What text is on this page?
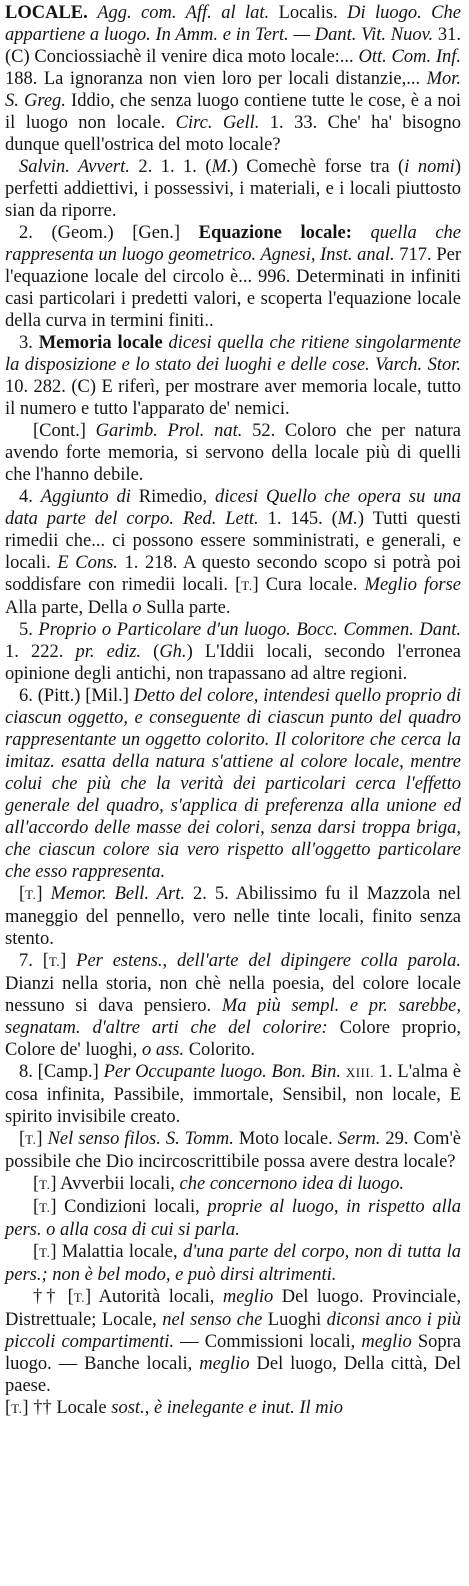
LOCALE. Agg. com. Aff. al lat. Localis. Di luogo. Che appartiene a luogo. In Amm. e in Tert. — Dant. Vit. Nuov. 31. (C) Conciossiachè il venire dica moto locale:... Ott. Com. Inf. 188. La ignoranza non vien loro per locali distanzie,... Mor. S. Greg. Iddio, che senza luogo contiene tutte le cose, è a noi il luogo non locale. Circ. Gell. 1. 33. Che' ha' bisogno dunque quell'ostrica del moto locale?

Salvin. Avvert. 2. 1. 1. (M.) Comechè forse tra (i nomi) perfetti addiettivi, i possessivi, i materiali, e i locali piuttosto sian da riporre.

2. (Geom.) [Gen.] Equazione locale: quella che rappresenta un luogo geometrico. Agnesi, Inst. anal. 717. Per l'equazione locale del circolo è... 996. Determinati in infiniti casi particolari i predetti valori, e scoperta l'equazione locale della curva in termini finiti..

3. Memoria locale dicesi quella che ritiene singolarmente la disposizione e lo stato dei luoghi e delle cose. Varch. Stor. 10. 282. (C) E riferì, per mostrare aver memoria locale, tutto il numero e tutto l'apparato de' nemici.

[Cont.] Garimb. Prol. nat. 52. Coloro che per natura avendo forte memoria, si servono della locale più di quelli che l'hanno debile.

4. Aggiunto di Rimedio, dicesi Quello che opera su una data parte del corpo. Red. Lett. 1. 145. (M.) Tutti questi rimedii che... ci possono essere somministrati, e generali, e locali. E Cons. 1. 218. A questo secondo scopo si potrà poi soddisfare con rimedii locali. [T.] Cura locale. Meglio forse Alla parte, Della o Sulla parte.

5. Proprio o Particolare d'un luogo. Bocc. Commen. Dant. 1. 222. pr. ediz. (Gh.) L'Iddii locali, secondo l'erronea opinione degli antichi, non trapassano ad altre regioni.

6. (Pitt.) [Mil.] Detto del colore, intendesi quello proprio di ciascun oggetto, e conseguente di ciascun punto del quadro rappresentante un oggetto colorito. Il coloritore che cerca la imitaz. esatta della natura s'attiene al colore locale, mentre colui che più che la verità dei particolari cerca l'effetto generale del quadro, s'applica di preferenza alla unione ed all'accordo delle masse dei colori, senza darsi troppa briga, che ciascun colore sia vero rispetto all'oggetto particolare che esso rappresenta.

[T.] Memor. Bell. Art. 2. 5. Abilissimo fu il Mazzola nel maneggio del pennello, vero nelle tinte locali, finito senza stento.

7. [T.] Per estens., dell'arte del dipingere colla parola. Dianzi nella storia, non chè nella poesia, del colore locale nessuno si dava pensiero. Ma più sempl. e pr. sarebbe, segnatam. d'altre arti che del colorire: Colore proprio, Colore de' luoghi, o ass. Colorito.

8. [Camp.] Per Occupante luogo. Bon. Bin. XIII. 1. L'alma è cosa infinita, Passibile, immortale, Sensibil, non locale, E spirito invisibile creato.

[T.] Nel senso filos. S. Tomm. Moto locale. Serm. 29. Com'è possibile che Dio incircoscrittibile possa avere destra locale?

[T.] Avverbii locali, che concernono idea di luogo.

[T.] Condizioni locali, proprie al luogo, in rispetto alla pers. o alla cosa di cui si parla.

[T.] Malattia locale, d'una parte del corpo, non di tutta la pers.; non è bel modo, e può dirsi altrimenti.

†† [T.] Autorità locali, meglio Del luogo. Provinciale, Distrettuale; Locale, nel senso che Luoghi diconsi anco i più piccoli compartimenti. — Commissioni locali, meglio Sopra luogo. — Banche locali, meglio Del luogo, Della città, Del paese.

[T.] †† Locale sost., è inelegante e inut. Il mio
